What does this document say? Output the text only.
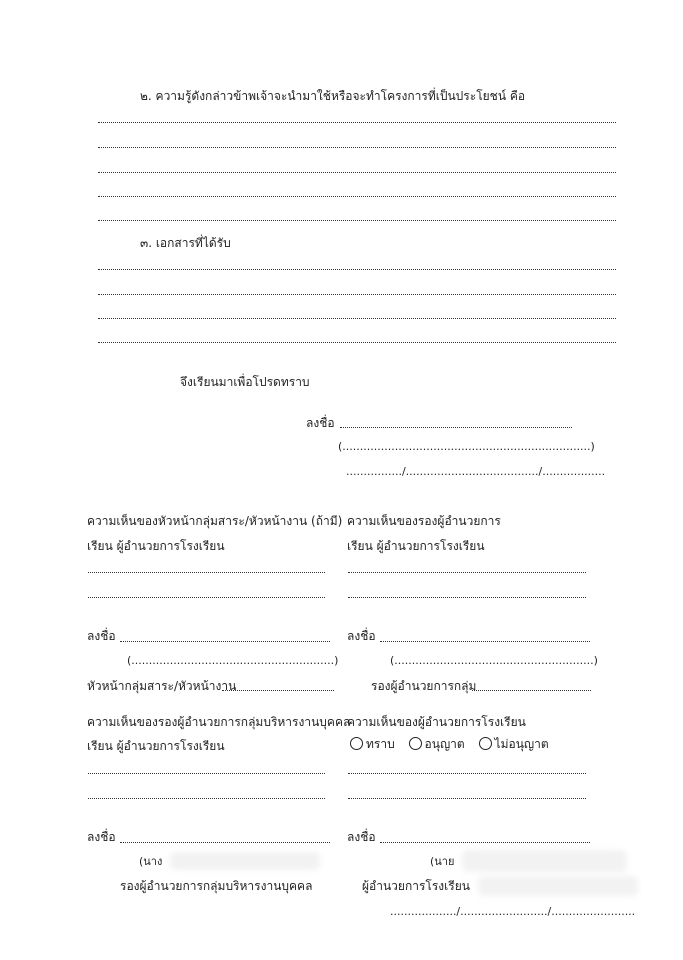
๒. ความรู้ดังกล่าวข้าพเจ้าจะนำมาใช้หรือจะทำโครงการที่เป็นประโยชน์ คือ
๓. เอกสารที่ได้รับ
จึงเรียนมาเพื่อโปรดทราบ
ลงชื่อ
(.......................................................................)
................/....................................../..................
ความเห็นของหัวหน้ากลุ่มสาระ/หัวหน้างาน (ถ้ามี)
เรียน ผู้อำนวยการโรงเรียน
ลงชื่อ
(..........................................................)
หัวหน้ากลุ่มสาระ/หัวหน้างาน
ความเห็นของรองผู้อำนวยการ
เรียน ผู้อำนวยการโรงเรียน
ลงชื่อ
(.........................................................)
รองผู้อำนวยการกลุ่ม
ความเห็นของรองผู้อำนวยการกลุ่มบริหารงานบุคคล
เรียน ผู้อำนวยการโรงเรียน
ลงชื่อ
(นาง
รองผู้อำนวยการกลุ่มบริหารงานบุคคล
ความเห็นของผู้อำนวยการโรงเรียน
ทราบ อนุญาต ไม่อนุญาต
ลงชื่อ
(นาย
ผู้อำนวยการโรงเรียน
.................../........................./........................
